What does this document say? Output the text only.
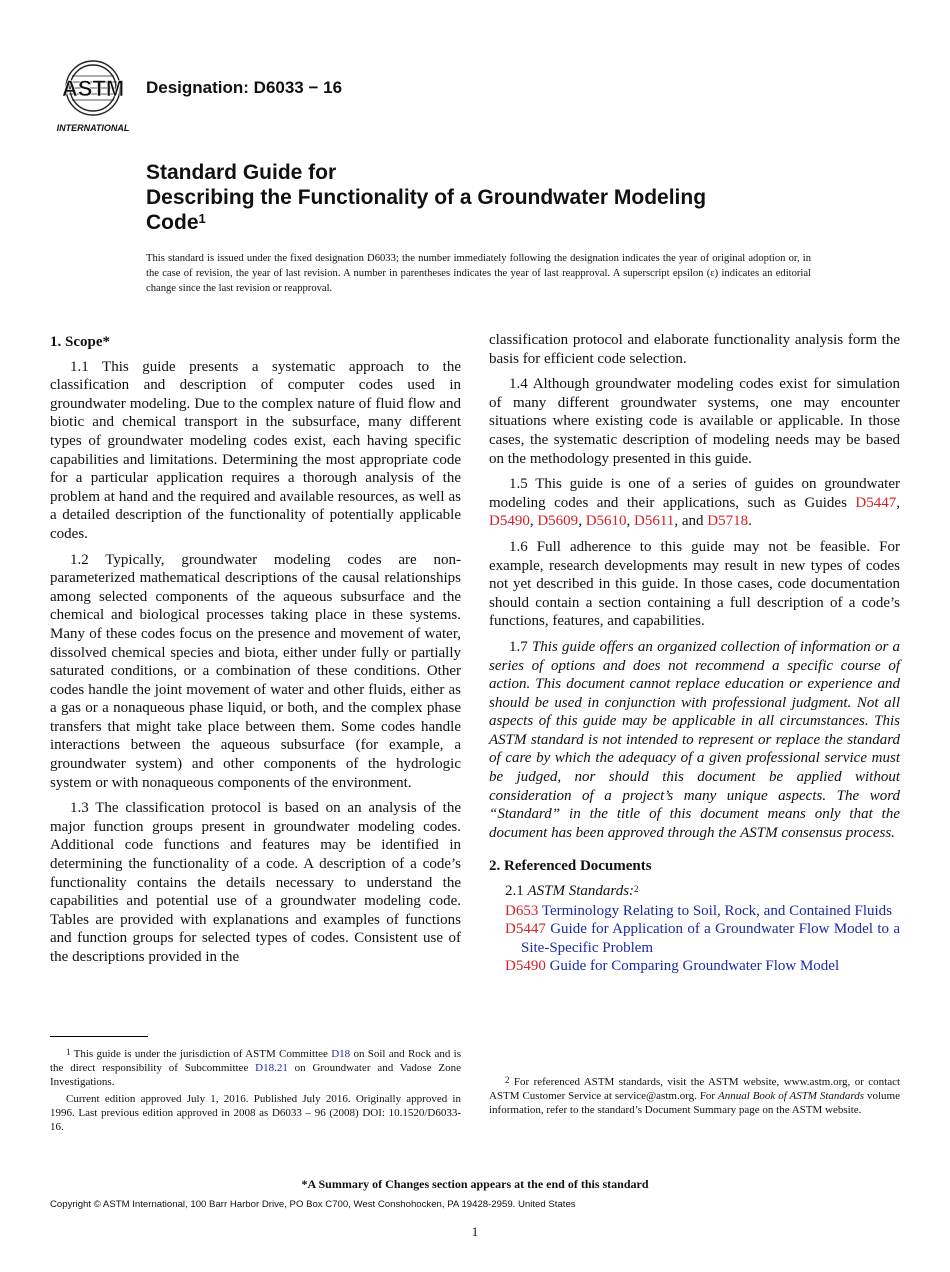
ASTM
INTERNATIONAL
Designation: D6033 − 16
Standard Guide for
Describing the Functionality of a Groundwater Modeling
Code$^1$
This standard is issued under the fixed designation D6033; the number immediately following the designation indicates the year of original adoption or, in the case of revision, the year of last revision. A number in parentheses indicates the year of last reapproval. A superscript epsilon (ε) indicates an editorial change since the last revision or reapproval.
1. Scope*

1.1 This guide presents a systematic approach to the classification and description of computer codes used in groundwater modeling. Due to the complex nature of fluid flow and biotic and chemical transport in the subsurface, many different types of groundwater modeling codes exist, each having specific capabilities and limitations. Determining the most appropriate code for a particular application requires a thorough analysis of the problem at hand and the required and available resources, as well as a detailed description of the functionality of potentially applicable codes.

1.2 Typically, groundwater modeling codes are non-parameterized mathematical descriptions of the causal relationships among selected components of the aqueous subsurface and the chemical and biological processes taking place in these systems. Many of these codes focus on the presence and movement of water, dissolved chemical species and biota, either under fully or partially saturated conditions, or a combination of these conditions. Other codes handle the joint movement of water and other fluids, either as a gas or a nonaqueous phase liquid, or both, and the complex phase transfers that might take place between them. Some codes handle interactions between the aqueous subsurface (for example, a groundwater system) and other components of the hydrologic system or with nonaqueous components of the environment.

1.3 The classification protocol is based on an analysis of the major function groups present in groundwater modeling codes. Additional code functions and features may be identified in determining the functionality of a code. A description of a code’s functionality contains the details necessary to understand the capabilities and potential use of a groundwater modeling code. Tables are provided with explanations and examples of functions and function groups for selected types of codes. Consistent use of the descriptions provided in the

classification protocol and elaborate functionality analysis form the basis for efficient code selection.

1.4 Although groundwater modeling codes exist for simulation of many different groundwater systems, one may encounter situations where existing code is available or applicable. In those cases, the systematic description of modeling needs may be based on the methodology presented in this guide.

1.5 This guide is one of a series of guides on groundwater modeling codes and their applications, such as Guides D5447, D5490, D5609, D5610, D5611, and D5718.

1.6 Full adherence to this guide may not be feasible. For example, research developments may result in new types of codes not yet described in this guide. In those cases, code documentation should contain a section containing a full description of a code’s functions, features, and capabilities.

1.7 This guide offers an organized collection of information or a series of options and does not recommend a specific course of action. This document cannot replace education or experience and should be used in conjunction with professional judgment. Not all aspects of this guide may be applicable in all circumstances. This ASTM standard is not intended to represent or replace the standard of care by which the adequacy of a given professional service must be judged, nor should this document be applied without consideration of a project’s many unique aspects. The word “Standard” in the title of this document means only that the document has been approved through the ASTM consensus process.

2. Referenced Documents
2.1 ASTM Standards:$^2$
D653 Terminology Relating to Soil, Rock, and Contained Fluids
D5447 Guide for Application of a Groundwater Flow Model to a Site-Specific Problem
D5490 Guide for Comparing Groundwater Flow Model

$^1$ This guide is under the jurisdiction of ASTM Committee D18 on Soil and Rock and is the direct responsibility of Subcommittee D18.21 on Groundwater and Vadose Zone Investigations.

Current edition approved July 1, 2016. Published July 2016. Originally approved in 1996. Last previous edition approved in 2008 as D6033 – 96 (2008) DOI: 10.1520/D6033-16.

$^2$ For referenced ASTM standards, visit the ASTM website, www.astm.org, or contact ASTM Customer Service at service@astm.org. For Annual Book of ASTM Standards volume information, refer to the standard’s Document Summary page on the ASTM website.

*A Summary of Changes section appears at the end of this standard
Copyright © ASTM International, 100 Barr Harbor Drive, PO Box C700, West Conshohocken, PA 19428-2959. United States
1
